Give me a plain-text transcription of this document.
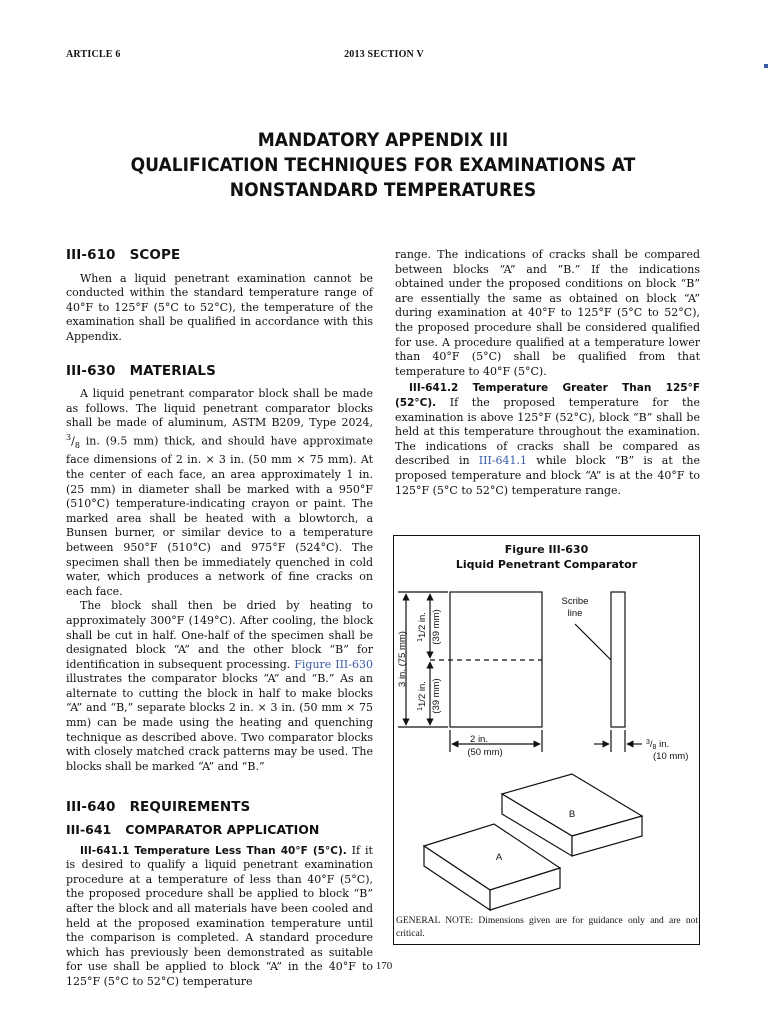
ARTICLE 6	2013 SECTION V
MANDATORY APPENDIX III
QUALIFICATION TECHNIQUES FOR EXAMINATIONS AT
NONSTANDARD TEMPERATURES
III-610 SCOPE

When a liquid penetrant examination cannot be conducted within the standard temperature range of 40°F to 125°F (5°C to 52°C), the temperature of the examination shall be qualified in accordance with this Appendix.

III-630 MATERIALS

A liquid penetrant comparator block shall be made as follows. The liquid penetrant comparator blocks shall be made of aluminum, ASTM B209, Type 2024, $^3/_8$ in. (9.5 mm) thick, and should have approximate face dimensions of 2 in. × 3 in. (50 mm × 75 mm). At the center of each face, an area approximately 1 in. (25 mm) in diameter shall be marked with a 950°F (510°C) temperature-indicating crayon or paint. The marked area shall be heated with a blowtorch, a Bunsen burner, or similar device to a temperature between 950°F (510°C) and 975°F (524°C). The specimen shall then be immediately quenched in cold water, which produces a network of fine cracks on each face.

The block shall then be dried by heating to approximately 300°F (149°C). After cooling, the block shall be cut in half. One-half of the specimen shall be designated block “A” and the other block “B” for identification in subsequent processing. Figure III-630 illustrates the comparator blocks “A” and “B.” As an alternate to cutting the block in half to make blocks “A” and “B,” separate blocks 2 in. × 3 in. (50 mm × 75 mm) can be made using the heating and quenching technique as described above. Two comparator blocks with closely matched crack patterns may be used. The blocks shall be marked “A” and “B.”

III-640 REQUIREMENTS
III-641 COMPARATOR APPLICATION

III-641.1 Temperature Less Than 40°F (5°C). If it is desired to qualify a liquid penetrant examination procedure at a temperature of less than 40°F (5°C), the proposed procedure shall be applied to block “B” after the block and all materials have been cooled and held at the proposed examination temperature until the comparison is completed. A standard procedure which has previously been demonstrated as suitable for use shall be applied to block “A” in the 40°F to 125°F (5°C to 52°C) temperature

range. The indications of cracks shall be compared between blocks “A” and “B.” If the indications obtained under the proposed conditions on block “B” are essentially the same as obtained on block “A” during examination at 40°F to 125°F (5°C to 52°C), the proposed procedure shall be considered qualified for use. A procedure qualified at a temperature lower than 40°F (5°C) shall be qualified from that temperature to 40°F (5°C).

III-641.2 Temperature Greater Than 125°F (52°C). If the proposed temperature for the examination is above 125°F (52°C), block “B” shall be held at this temperature throughout the examination. The indications of cracks shall be compared as described in III-641.1 while block “B” is at the proposed temperature and block “A” is at the 40°F to 125°F (5°C to 52°C) temperature range.

Figure III-630
Liquid Penetrant Comparator
Scribe
line
3 in. (75 mm) $^1$1/2 in. (39 mm)
$^1$1/2 in. (39 mm)
2 in.
(50 mm)
$^3/_8$ in.
(10 mm)
B
A
GENERAL NOTE: Dimensions given are for guidance only and are not critical.
170
